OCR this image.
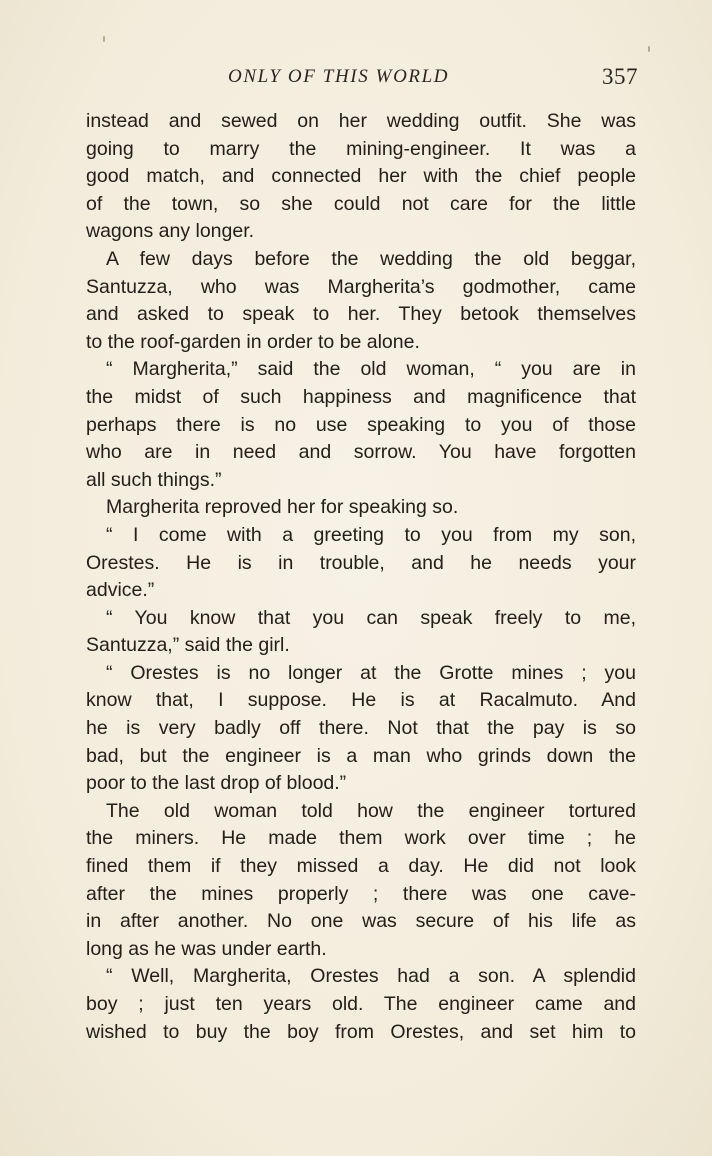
ONLY OF THIS WORLD	357
instead and sewed on her wedding outfit. She was
going to marry the mining-engineer. It was a
good match, and connected her with the chief people
of the town, so she could not care for the little
wagons any longer.
A few days before the wedding the old beggar,
Santuzza, who was Margherita’s godmother, came
and asked to speak to her. They betook themselves
to the roof-garden in order to be alone.
“ Margherita,” said the old woman, “ you are in
the midst of such happiness and magnificence that
perhaps there is no use speaking to you of those
who are in need and sorrow. You have forgotten
all such things.”
Margherita reproved her for speaking so.
“ I come with a greeting to you from my son,
Orestes. He is in trouble, and he needs your
advice.”
“ You know that you can speak freely to me,
Santuzza,” said the girl.
“ Orestes is no longer at the Grotte mines ; you
know that, I suppose. He is at Racalmuto. And
he is very badly off there. Not that the pay is so
bad, but the engineer is a man who grinds down the
poor to the last drop of blood.”
The old woman told how the engineer tortured
the miners. He made them work over time ; he
fined them if they missed a day. He did not look
after the mines properly ; there was one cave-
in after another. No one was secure of his life as
long as he was under earth.
“ Well, Margherita, Orestes had a son. A splendid
boy ; just ten years old. The engineer came and
wished to buy the boy from Orestes, and set him to
